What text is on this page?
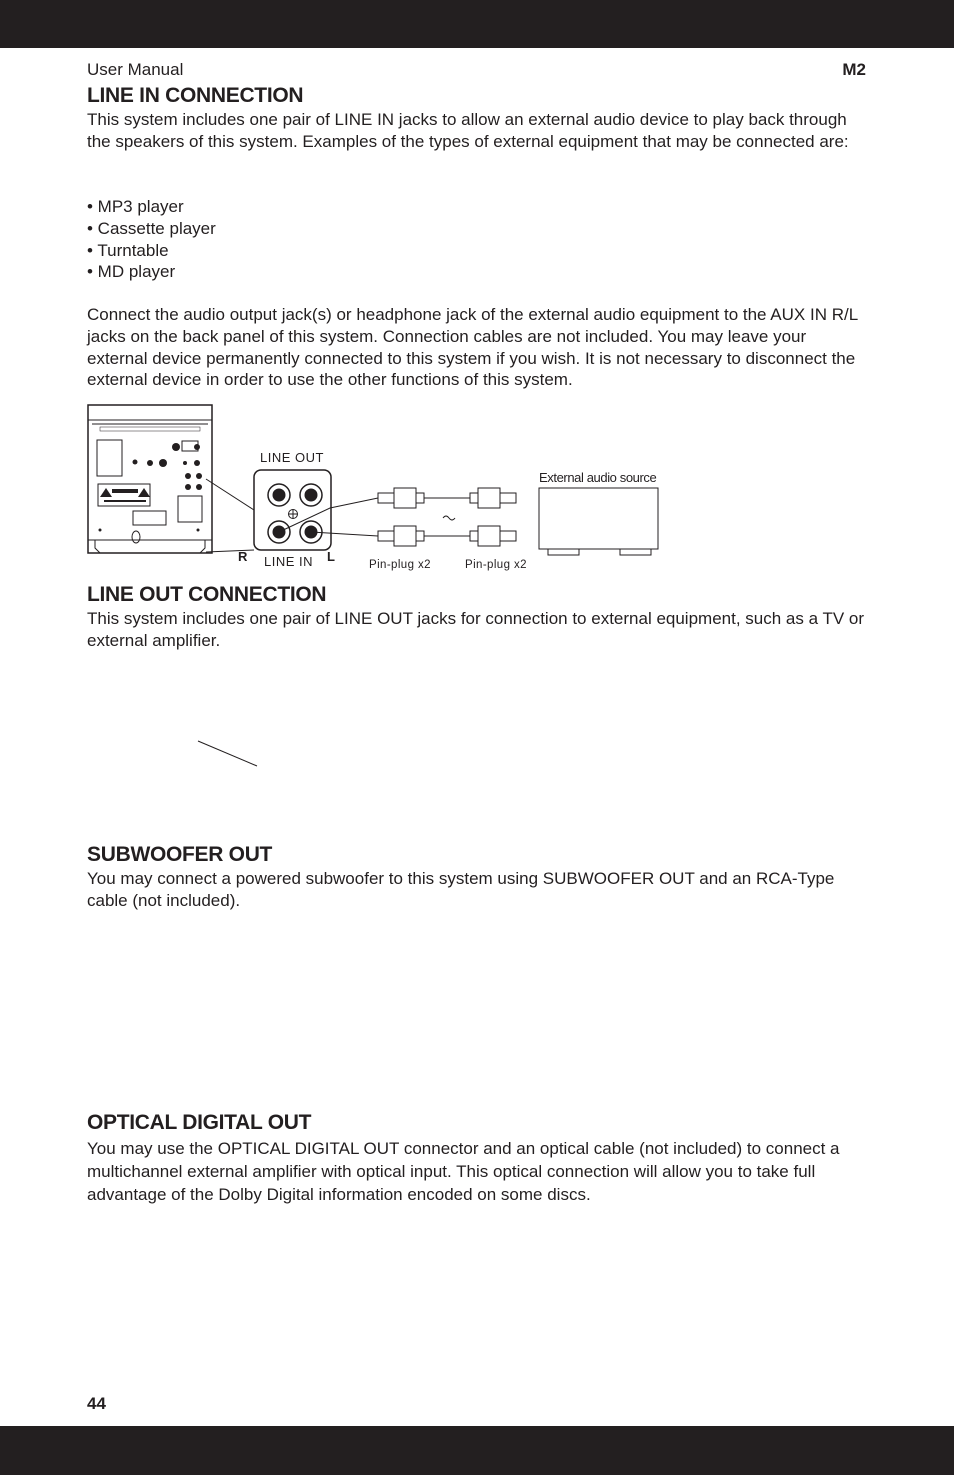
User Manual	M2
LINE IN CONNECTION

This system includes one pair of LINE IN jacks to allow an external audio device to play back through the speakers of this system. Examples of the types of external equipment that may be connected are:

• MP3 player
• Cassette player
• Turntable
• MD player

Connect the audio output jack(s) or headphone jack of the external audio equipment to the AUX IN R/L jacks on the back panel of this system. Connection cables are not included. You may leave your external device permanently connected to this system if you wish. It is not necessary to disconnect the external device in order to use the other functions of this system.

LINE OUT
LINE IN
R	L
Pin-plug x2	Pin-plug x2
External audio source
LINE OUT CONNECTION

This system includes one pair of LINE OUT jacks for connection to external equipment, such as a TV or external amplifier.

SUBWOOFER OUT

You may connect a powered subwoofer to this system using SUBWOOFER OUT and an RCA-Type cable (not included).

OPTICAL DIGITAL OUT

You may use the OPTICAL DIGITAL OUT connector and an optical cable (not included) to connect a multichannel external amplifier with optical input. This optical connection will allow you to take full advantage of the Dolby Digital information encoded on some discs.

44
